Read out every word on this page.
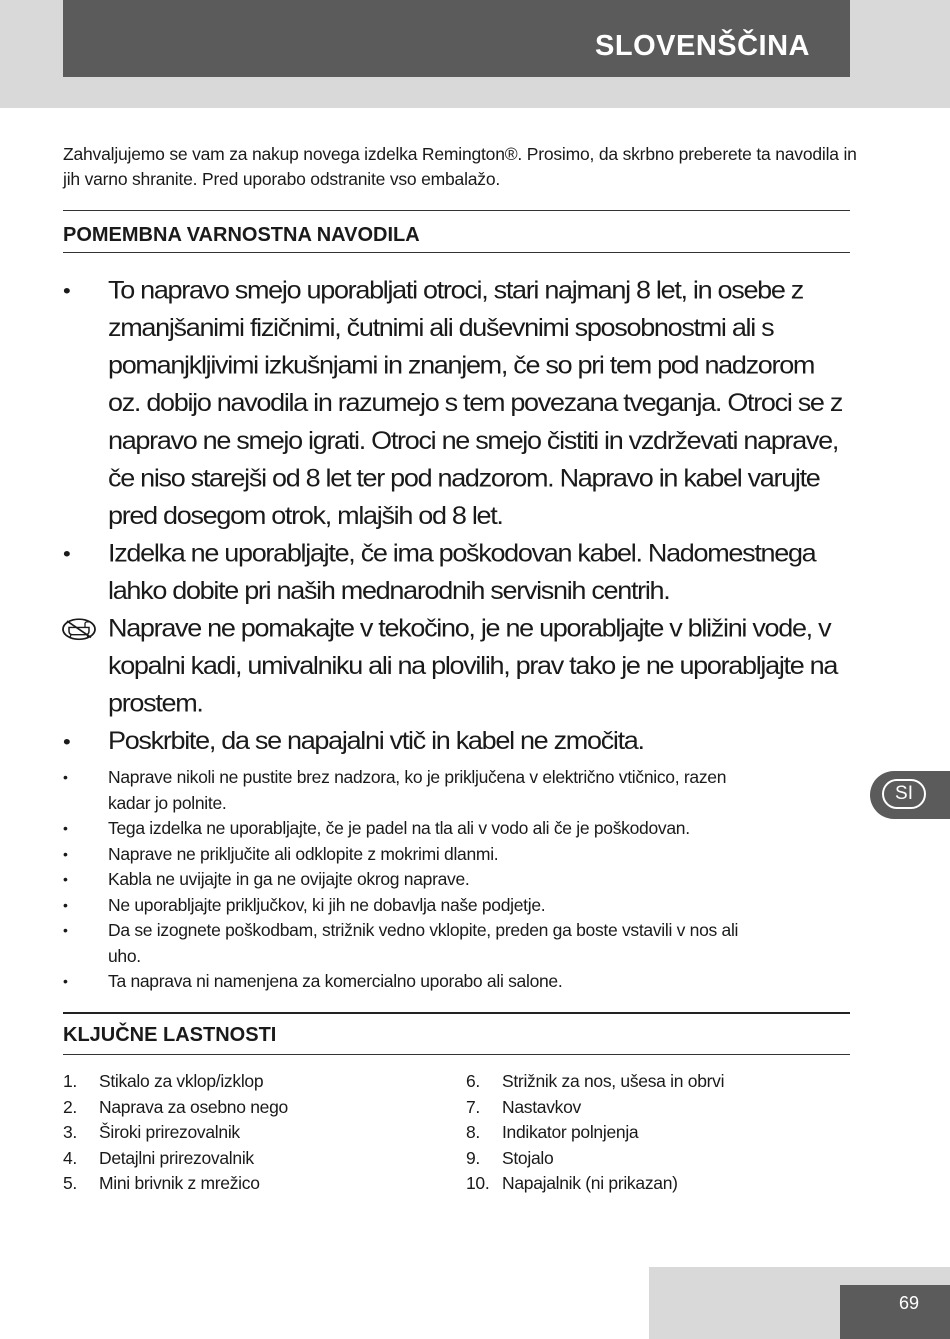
SLOVENŠČINA
Zahvaljujemo se vam za nakup novega izdelka Remington®. Prosimo, da skrbno preberete ta navodila in jih varno shranite. Pred uporabo odstranite vso embalažo.
POMEMBNA VARNOSTNA NAVODILA
•	To napravo smejo uporabljati otroci, stari najmanj 8 let, in osebe z zmanjšanimi fizičnimi, čutnimi ali duševnimi sposobnostmi ali s pomanjkljivimi izkušnjami in znanjem, če so pri tem pod nadzorom oz. dobijo navodila in razumejo s tem povezana tveganja. Otroci se z napravo ne smejo igrati. Otroci ne smejo čistiti in vzdrževati naprave, če niso starejši od 8 let ter pod nadzorom. Napravo in kabel varujte pred dosegom otrok, mlajših od 8 let.
•	Izdelka ne uporabljajte, če ima poškodovan kabel. Nadomestnega lahko dobite pri naših mednarodnih servisnih centrih.
Naprave ne pomakajte v tekočino, je ne uporabljajte v bližini vode, v kopalni kadi, umivalniku ali na plovilih, prav tako je ne uporabljajte na prostem.
•	Poskrbite, da se napajalni vtič in kabel ne zmočita.
• Naprave nikoli ne pustite brez nadzora, ko je priključena v električno vtičnico, razen kadar jo polnite.
• Tega izdelka ne uporabljajte, če je padel na tla ali v vodo ali če je poškodovan.
• Naprave ne priključite ali odklopite z mokrimi dlanmi.
• Kabla ne uvijajte in ga ne ovijajte okrog naprave.
• Ne uporabljajte priključkov, ki jih ne dobavlja naše podjetje.
• Da se izognete poškodbam, strižnik vedno vklopite, preden ga boste vstavili v nos ali uho.
• Ta naprava ni namenjena za komercialno uporabo ali salone.
KLJUČNE LASTNOSTI
1. Stikalo za vklop/izklop
2. Naprava za osebno nego
3. Široki prirezovalnik
4. Detajlni prirezovalnik
5. Mini brivnik z mrežico
6. Strižnik za nos, ušesa in obrvi
7. Nastavkov
8. Indikator polnjenja
9. Stojalo
10. Napajalnik (ni prikazan)
SI
69
